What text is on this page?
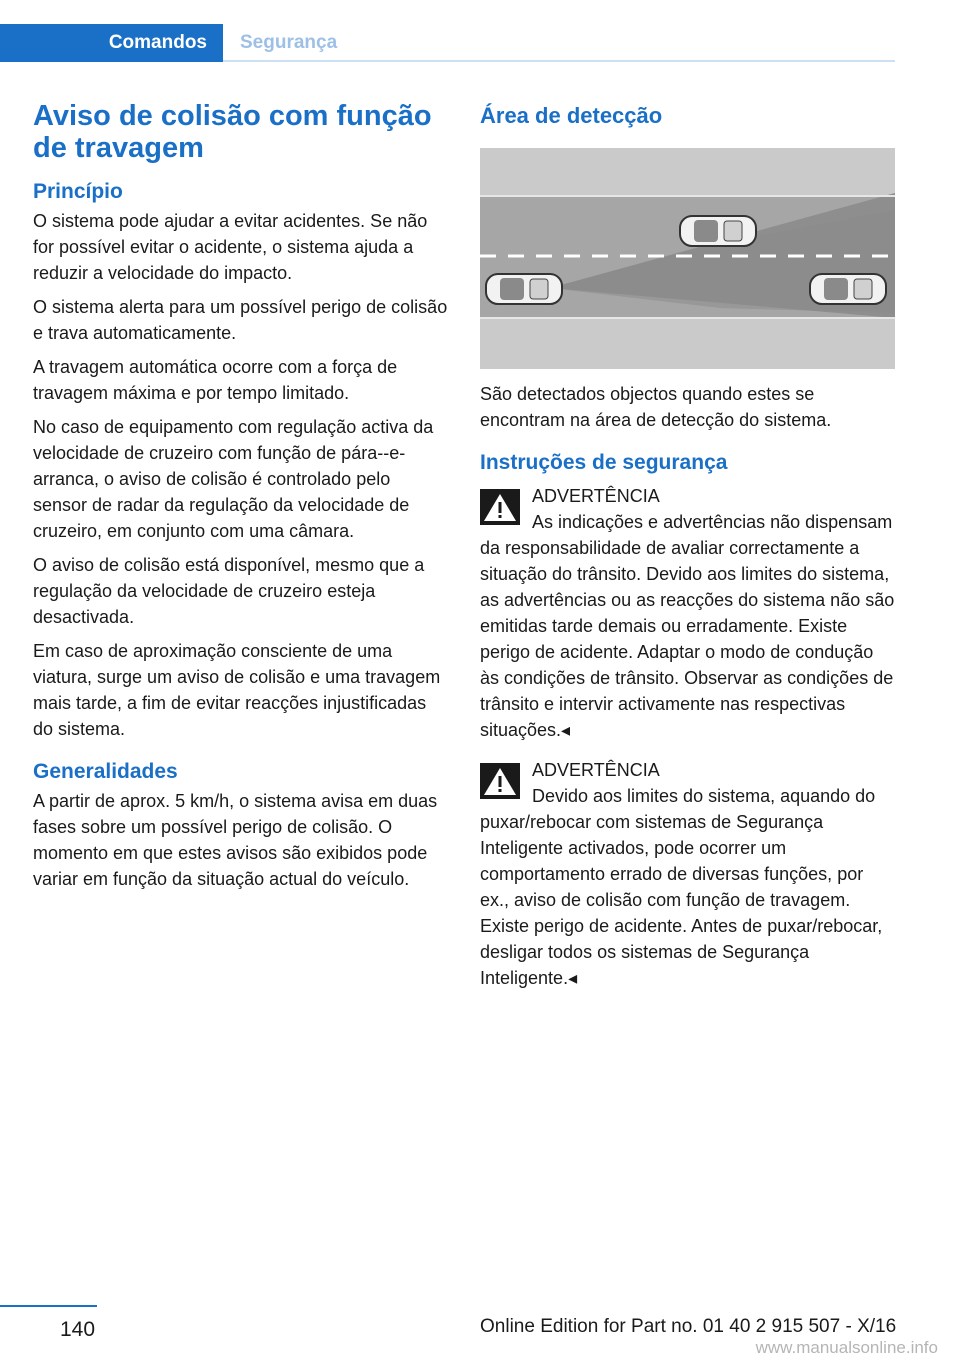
Comandos	Segurança
Aviso de colisão com função de travagem
Princípio

O sistema pode ajudar a evitar acidentes. Se não for possível evitar o acidente, o sistema ajuda a reduzir a velocidade do impacto.

O sistema alerta para um possível perigo de colisão e trava automaticamente.

A travagem automática ocorre com a força de travagem máxima e por tempo limitado.

No caso de equipamento com regulação activa da velocidade de cruzeiro com função de pára--e-arranca, o aviso de colisão é controlado pelo sensor de radar da regulação da velocidade de cruzeiro, em conjunto com uma câmara.

O aviso de colisão está disponível, mesmo que a regulação da velocidade de cruzeiro esteja desactivada.

Em caso de aproximação consciente de uma viatura, surge um aviso de colisão e uma travagem mais tarde, a fim de evitar reacções injustificadas do sistema.

Generalidades

A partir de aprox. 5 km/h, o sistema avisa em duas fases sobre um possível perigo de colisão. O momento em que estes avisos são exibidos pode variar em função da situação actual do veículo.

Área de detecção

São detectados objectos quando estes se encontram na área de detecção do sistema.

Instruções de segurança

ADVERTÊNCIA

As indicações e advertências não dispensam da responsabilidade de avaliar correctamente a situação do trânsito. Devido aos limites do sistema, as advertências ou as reacções do sistema não são emitidas tarde demais ou erradamente. Existe perigo de acidente. Adaptar o modo de condução às condições de trânsito. Observar as condições de trânsito e intervir activamente nas respectivas situações.◂

ADVERTÊNCIA

Devido aos limites do sistema, aquando do puxar/rebocar com sistemas de Segurança Inteligente activados, pode ocorrer um comportamento errado de diversas funções, por ex., aviso de colisão com função de travagem. Existe perigo de acidente. Antes de puxar/rebocar, desligar todos os sistemas de Segurança Inteligente.◂

140	Online Edition for Part no. 01 40 2 915 507 - X/16
www.manualsonline.info
